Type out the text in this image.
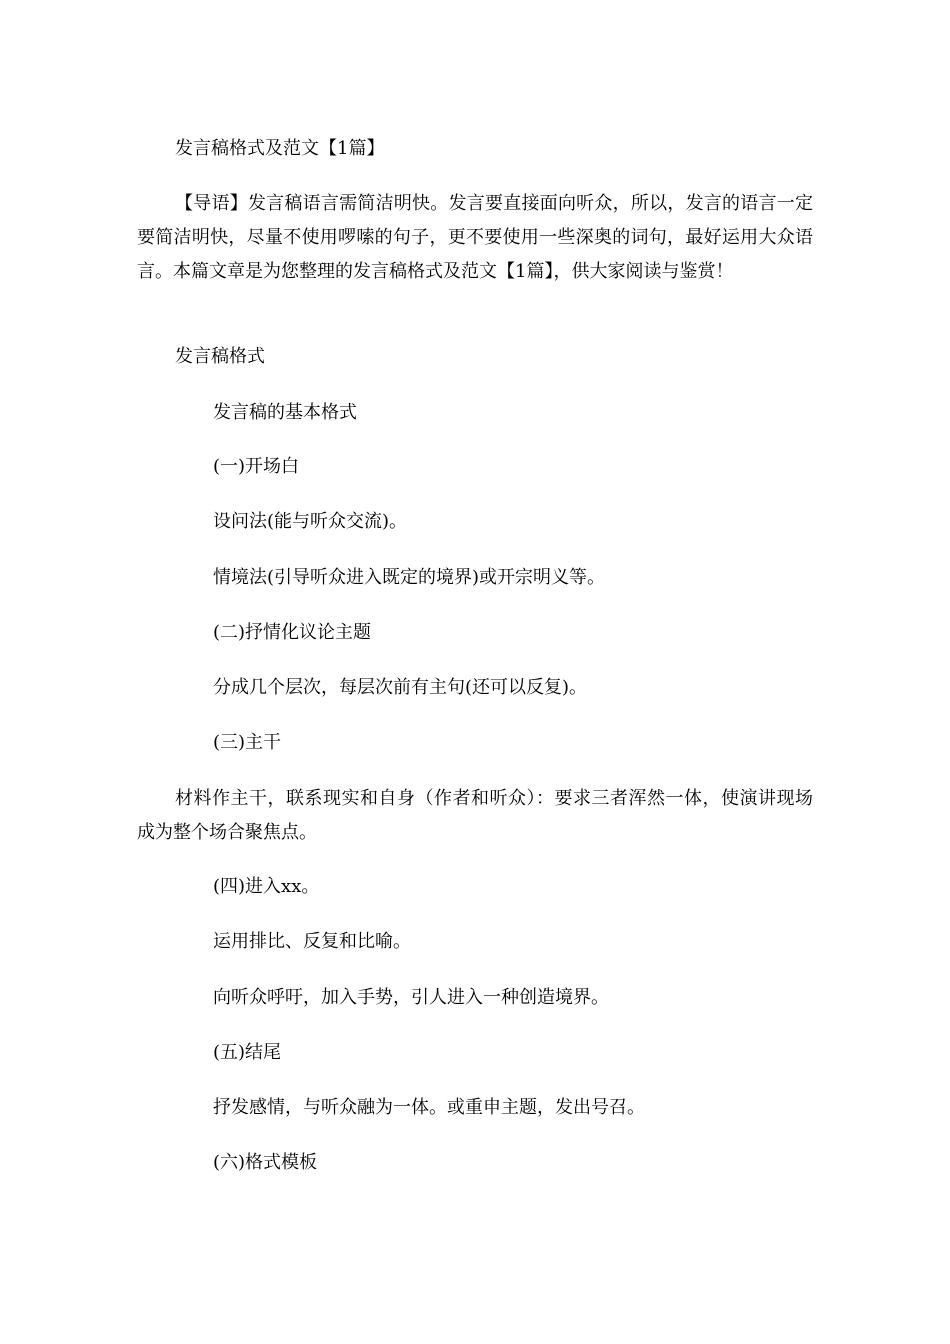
发言稿格式及范文【1篇】

【导语】发言稿语言需简洁明快。发言要直接面向听众，所以，发言的语言一定要简洁明快，尽量不使用啰嗦的句子，更不要使用一些深奥的词句，最好运用大众语言。本篇文章是为您整理的发言稿格式及范文【1篇】，供大家阅读与鉴赏！

发言稿格式

发言稿的基本格式

(一)开场白

设问法(能与听众交流)。

情境法(引导听众进入既定的境界)或开宗明义等。

(二)抒情化议论主题

分成几个层次，每层次前有主句(还可以反复)。

(三)主干

材料作主干，联系现实和自身（作者和听众）：要求三者浑然一体，使演讲现场成为整个场合聚焦点。

(四)进入xx。

运用排比、反复和比喻。

向听众呼吁，加入手势，引人进入一种创造境界。

(五)结尾

抒发感情，与听众融为一体。或重申主题，发出号召。

(六)格式模板
